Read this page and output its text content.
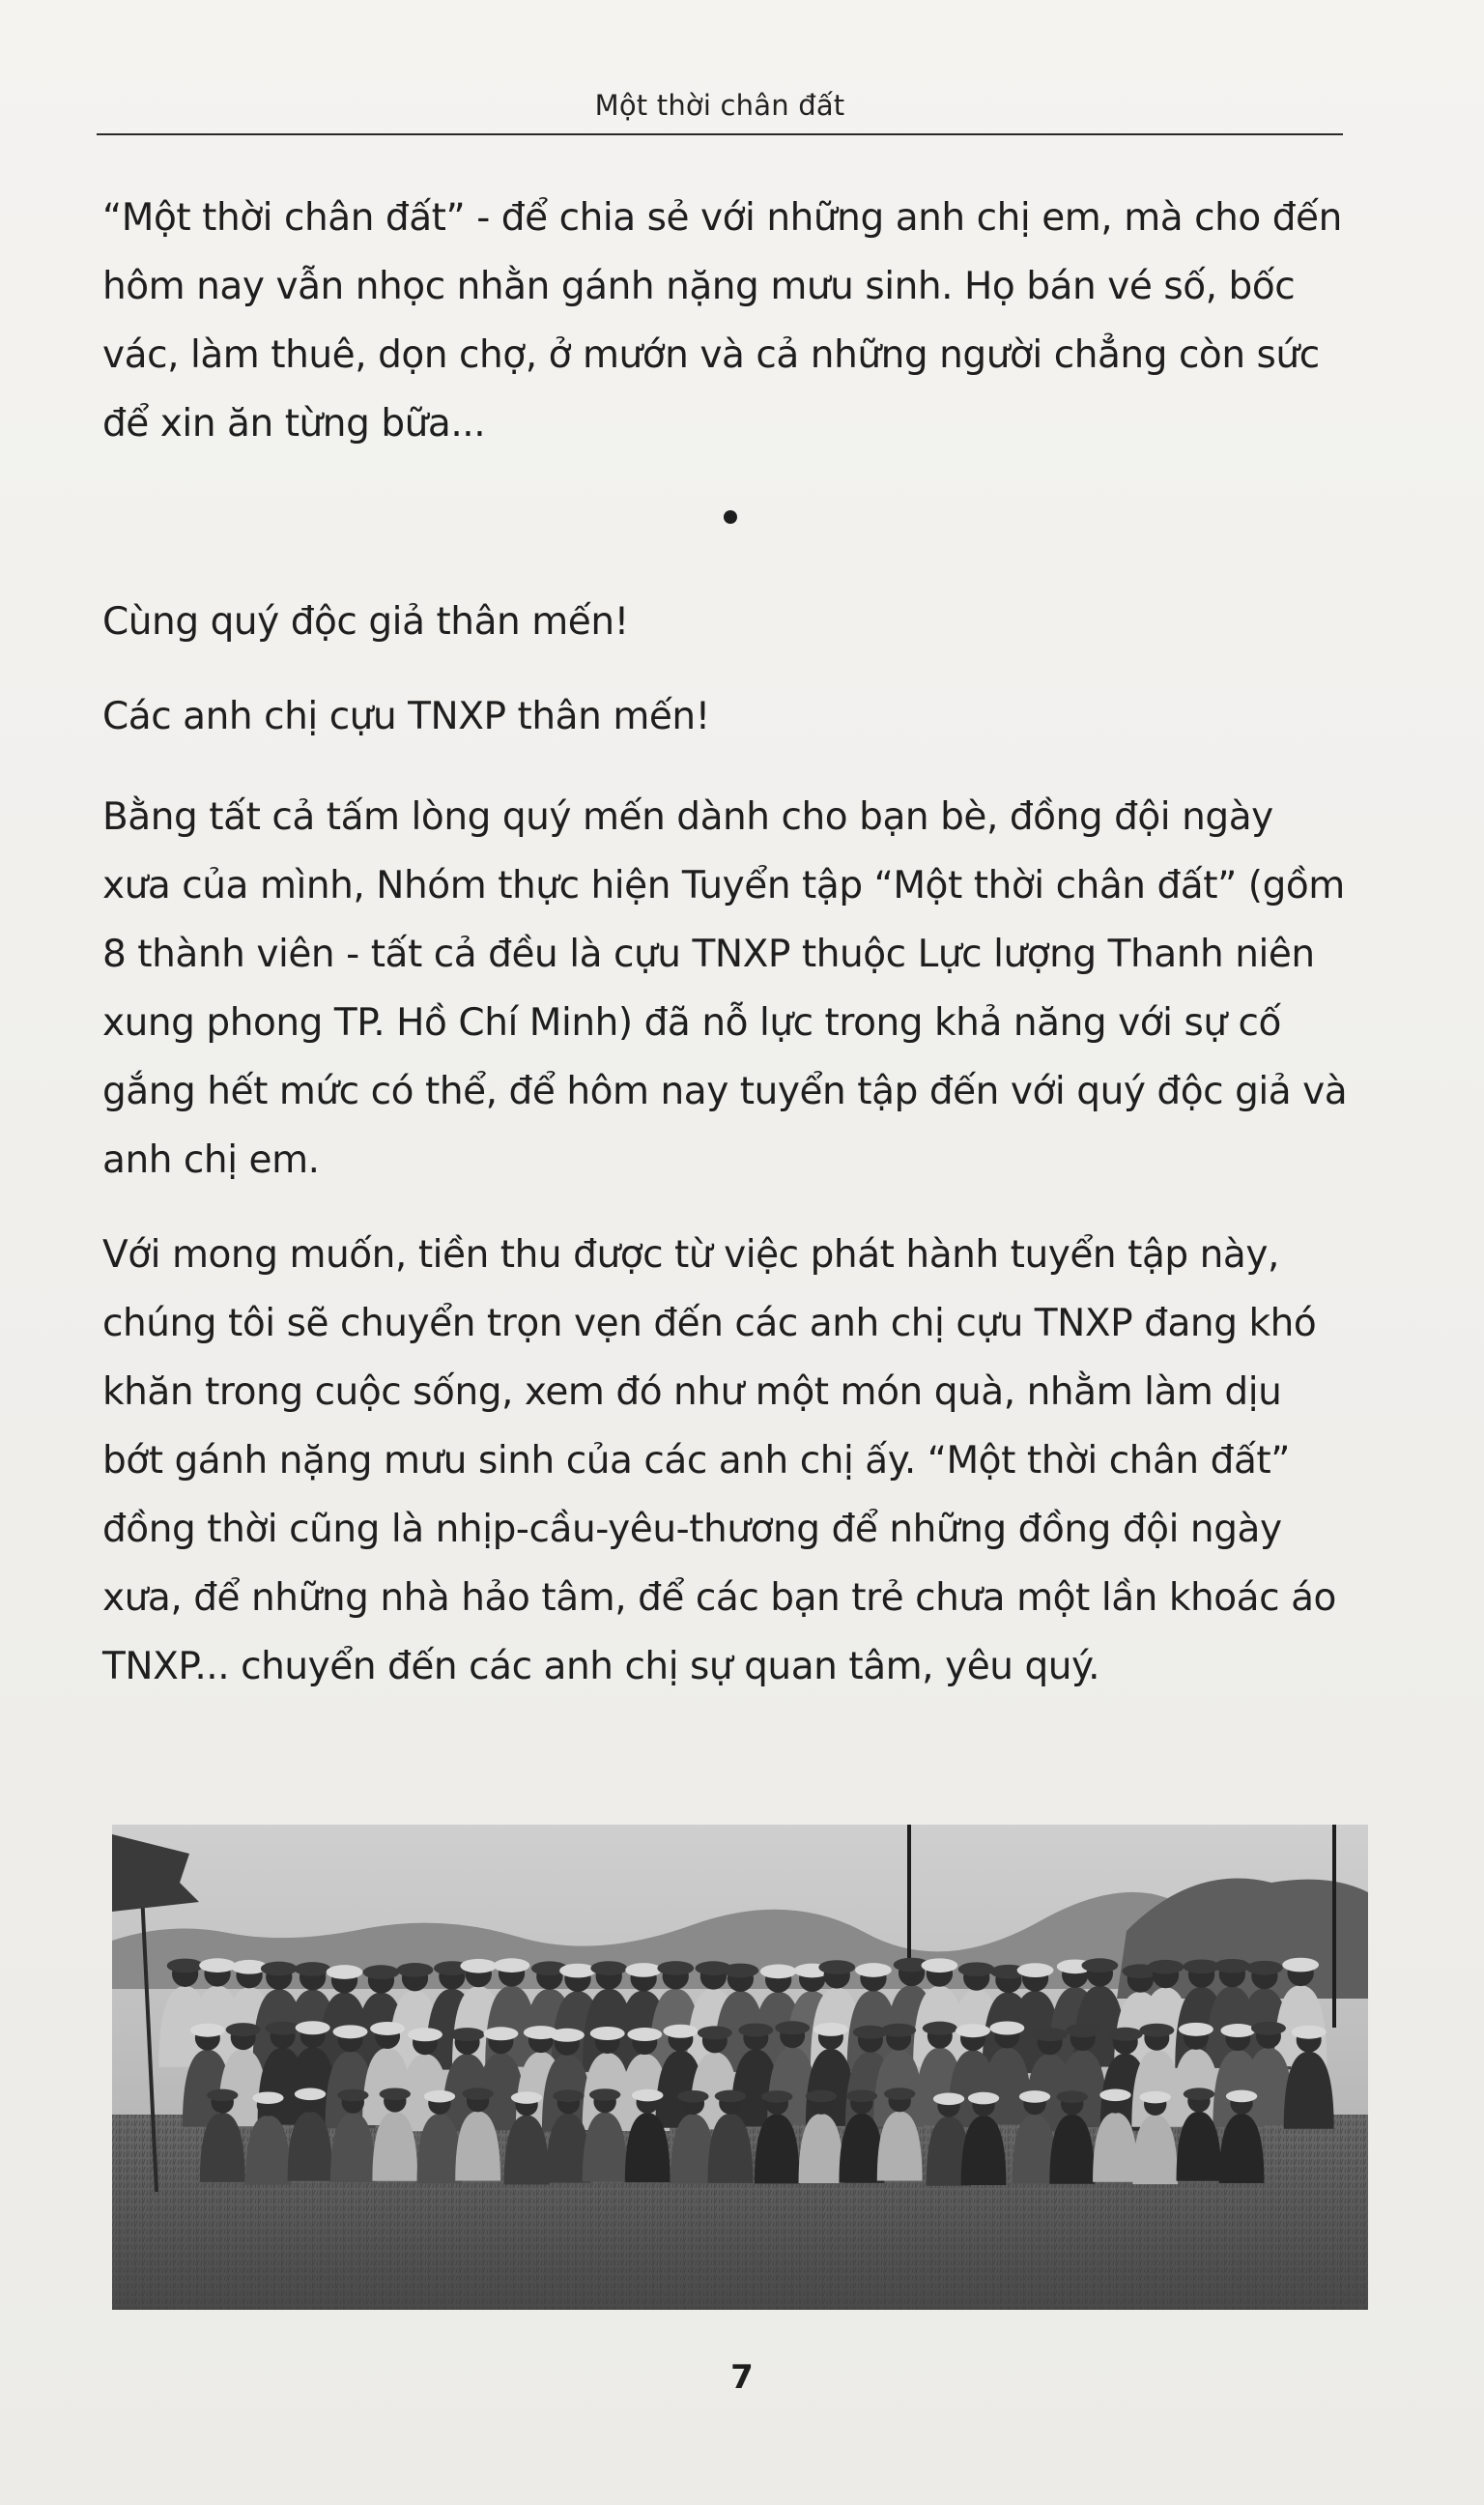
Một thời chân đất

“Một thời chân đất” - để chia sẻ với những anh chị em, mà cho đến hôm nay vẫn nhọc nhằn gánh nặng mưu sinh. Họ bán vé số, bốc vác, làm thuê, dọn chợ, ở mướn và cả những người chẳng còn sức để xin ăn từng bữa...

Cùng quý độc giả thân mến!

Các anh chị cựu TNXP thân mến!

Bằng tất cả tấm lòng quý mến dành cho bạn bè, đồng đội ngày xưa của mình, Nhóm thực hiện Tuyển tập “Một thời chân đất” (gồm 8 thành viên - tất cả đều là cựu TNXP thuộc Lực lượng Thanh niên xung phong TP. Hồ Chí Minh) đã nỗ lực trong khả năng với sự cố gắng hết mức có thể, để hôm nay tuyển tập đến với quý độc giả và anh chị em.

Với mong muốn, tiền thu được từ việc phát hành tuyển tập này, chúng tôi sẽ chuyển trọn vẹn đến các anh chị cựu TNXP đang khó khăn trong cuộc sống, xem đó như một món quà, nhằm làm dịu bớt gánh nặng mưu sinh của các anh chị ấy. “Một thời chân đất” đồng thời cũng là nhịp-cầu-yêu-thương để những đồng đội ngày xưa, để những nhà hảo tâm, để các bạn trẻ chưa một lần khoác áo TNXP... chuyển đến các anh chị sự quan tâm, yêu quý.

7
